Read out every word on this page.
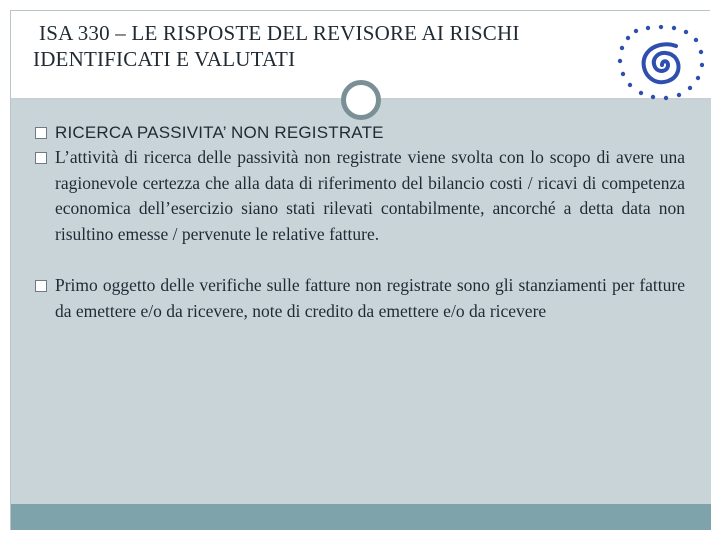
ISA 330 – LE RISPOSTE DEL REVISORE AI RISCHI
IDENTIFICATI E VALUTATI
RICERCA PASSIVITA’ NON REGISTRATE
L’attività di ricerca delle passività non registrate viene svolta con lo scopo di avere una ragionevole certezza che alla data di riferimento del bilancio costi / ricavi di competenza economica dell’esercizio siano stati rilevati contabilmente, ancorché a detta data non risultino emesse / pervenute le relative fatture.
Primo oggetto delle verifiche sulle fatture non registrate sono gli stanziamenti per fatture da emettere e/o da ricevere, note di credito da emettere e/o da ricevere
